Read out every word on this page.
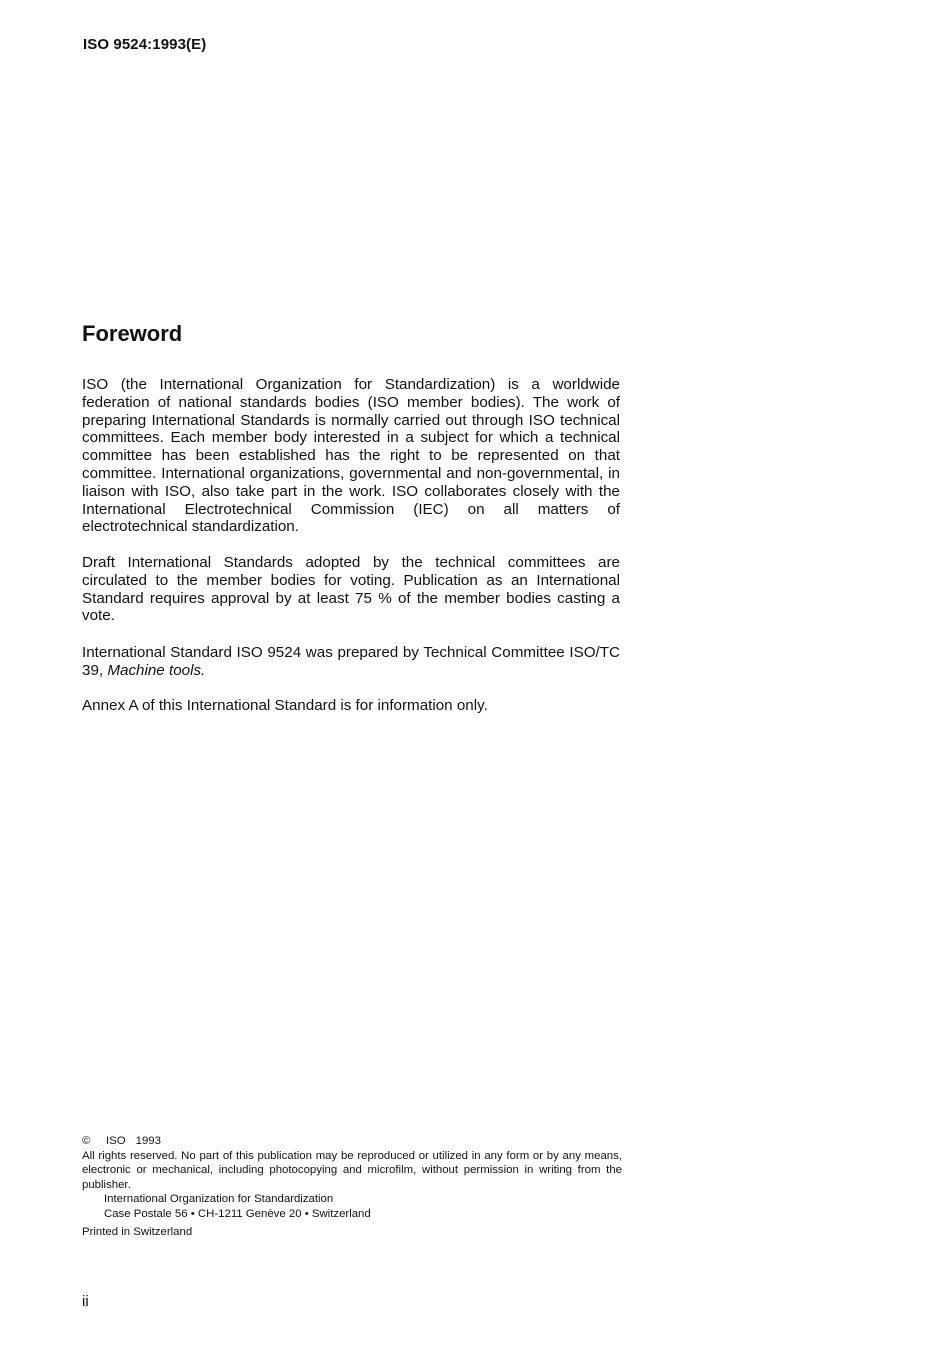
ISO 9524:1993(E)
Foreword

ISO (the International Organization for Standardization) is a worldwide federation of national standards bodies (ISO member bodies). The work of preparing International Standards is normally carried out through ISO technical committees. Each member body interested in a subject for which a technical committee has been established has the right to be represented on that committee. International organizations, governmental and non-governmental, in liaison with ISO, also take part in the work. ISO collaborates closely with the International Electrotechnical Commission (IEC) on all matters of electrotechnical standardization.

Draft International Standards adopted by the technical committees are circulated to the member bodies for voting. Publication as an International Standard requires approval by at least 75 % of the member bodies casting a vote.

International Standard ISO 9524 was prepared by Technical Committee ISO/TC 39, Machine tools.

Annex A of this International Standard is for information only.

© ISO 1993
All rights reserved. No part of this publication may be reproduced or utilized in any form or by any means, electronic or mechanical, including photocopying and microfilm, without permission in writing from the publisher.
International Organization for Standardization
Case Postale 56 • CH-1211 Genève 20 • Switzerland
Printed in Switzerland
ii
